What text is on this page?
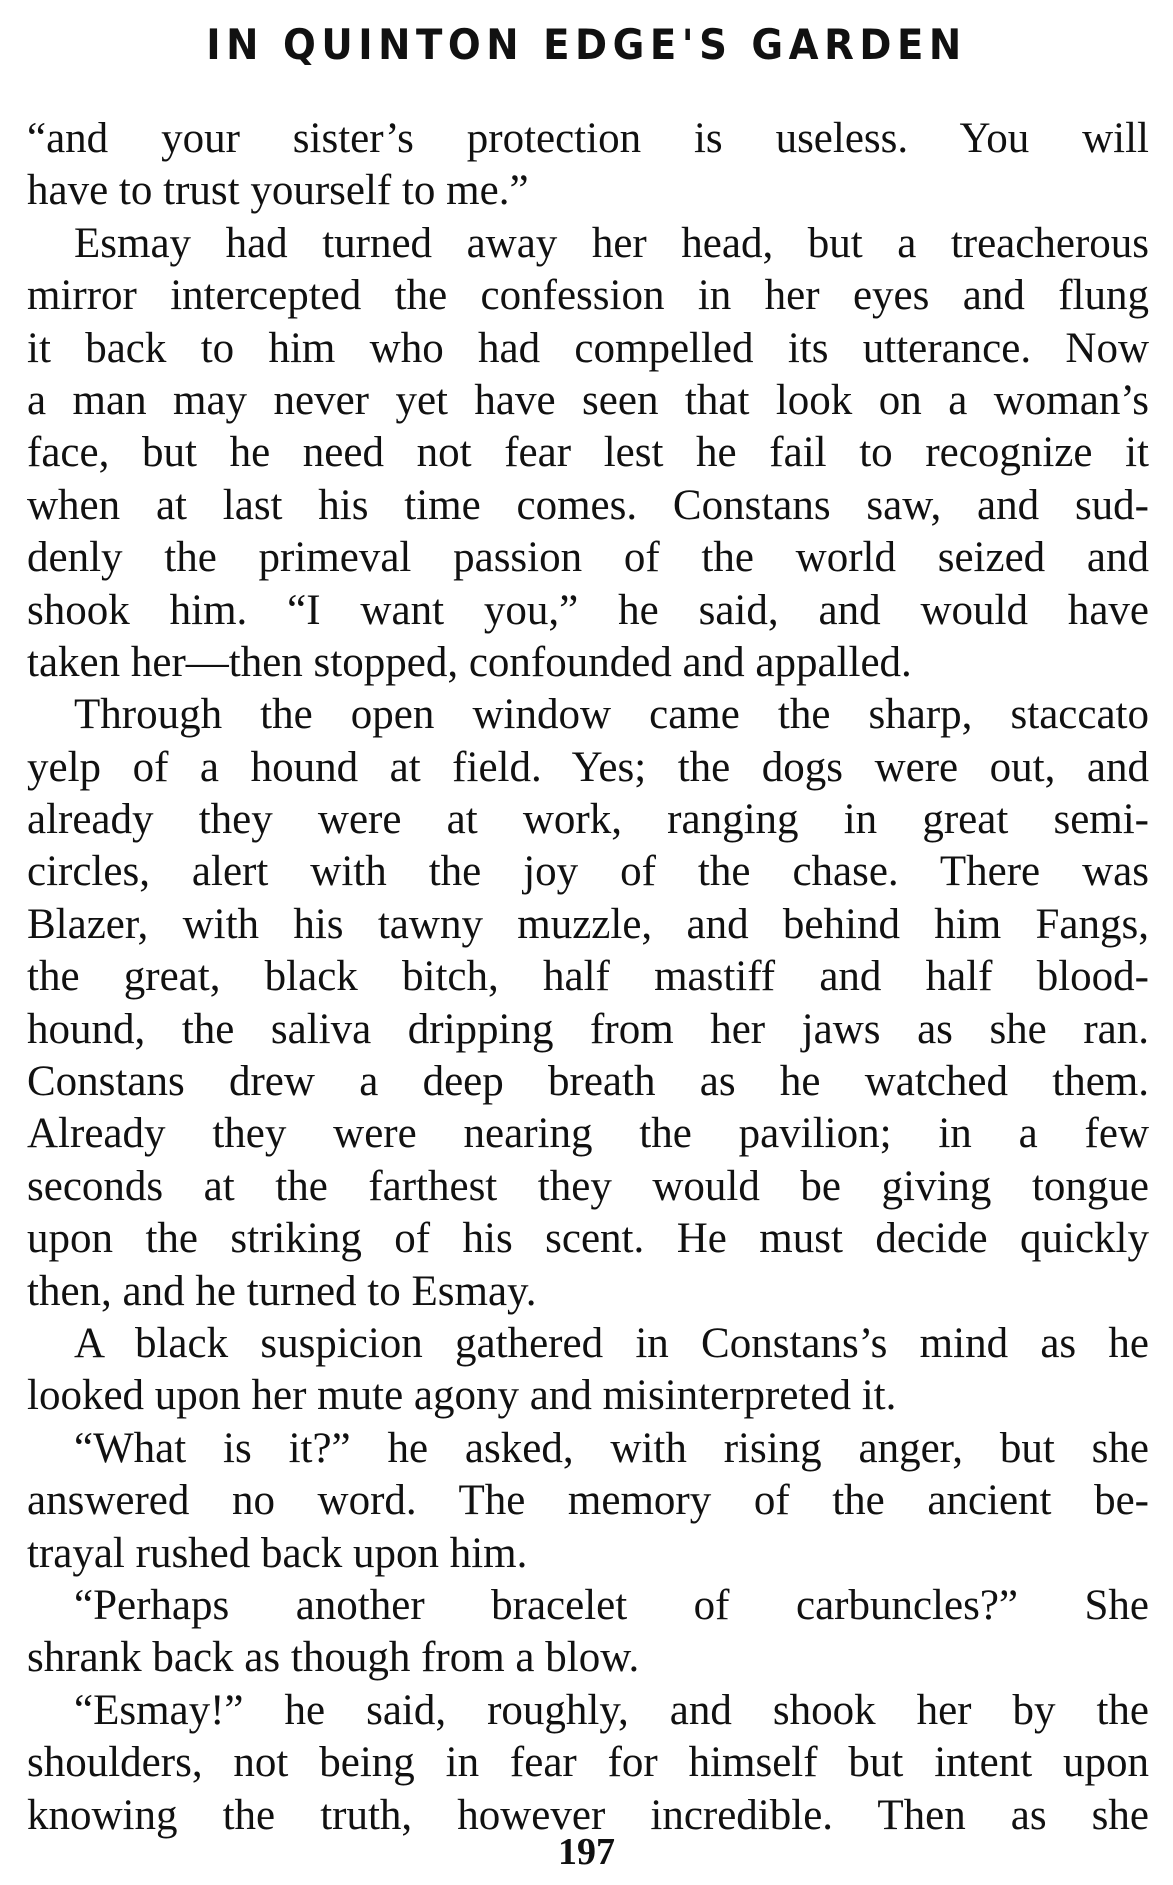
IN QUINTON EDGE'S GARDEN
“and your sister’s protection is useless. You will
have to trust yourself to me.”
Esmay had turned away her head, but a treacherous
mirror intercepted the confession in her eyes and flung
it back to him who had compelled its utterance. Now
a man may never yet have seen that look on a woman’s
face, but he need not fear lest he fail to recognize it
when at last his time comes. Constans saw, and sud-
denly the primeval passion of the world seized and
shook him. “I want you,” he said, and would have
taken her—then stopped, confounded and appalled.
Through the open window came the sharp, staccato
yelp of a hound at field. Yes; the dogs were out, and
already they were at work, ranging in great semi-
circles, alert with the joy of the chase. There was
Blazer, with his tawny muzzle, and behind him Fangs,
the great, black bitch, half mastiff and half blood-
hound, the saliva dripping from her jaws as she ran.
Constans drew a deep breath as he watched them.
Already they were nearing the pavilion; in a few
seconds at the farthest they would be giving tongue
upon the striking of his scent. He must decide quickly
then, and he turned to Esmay.
A black suspicion gathered in Constans’s mind as he
looked upon her mute agony and misinterpreted it.
“What is it?” he asked, with rising anger, but she
answered no word. The memory of the ancient be-
trayal rushed back upon him.
“Perhaps another bracelet of carbuncles?” She
shrank back as though from a blow.
“Esmay!” he said, roughly, and shook her by the
shoulders, not being in fear for himself but intent upon
knowing the truth, however incredible. Then as she
197
